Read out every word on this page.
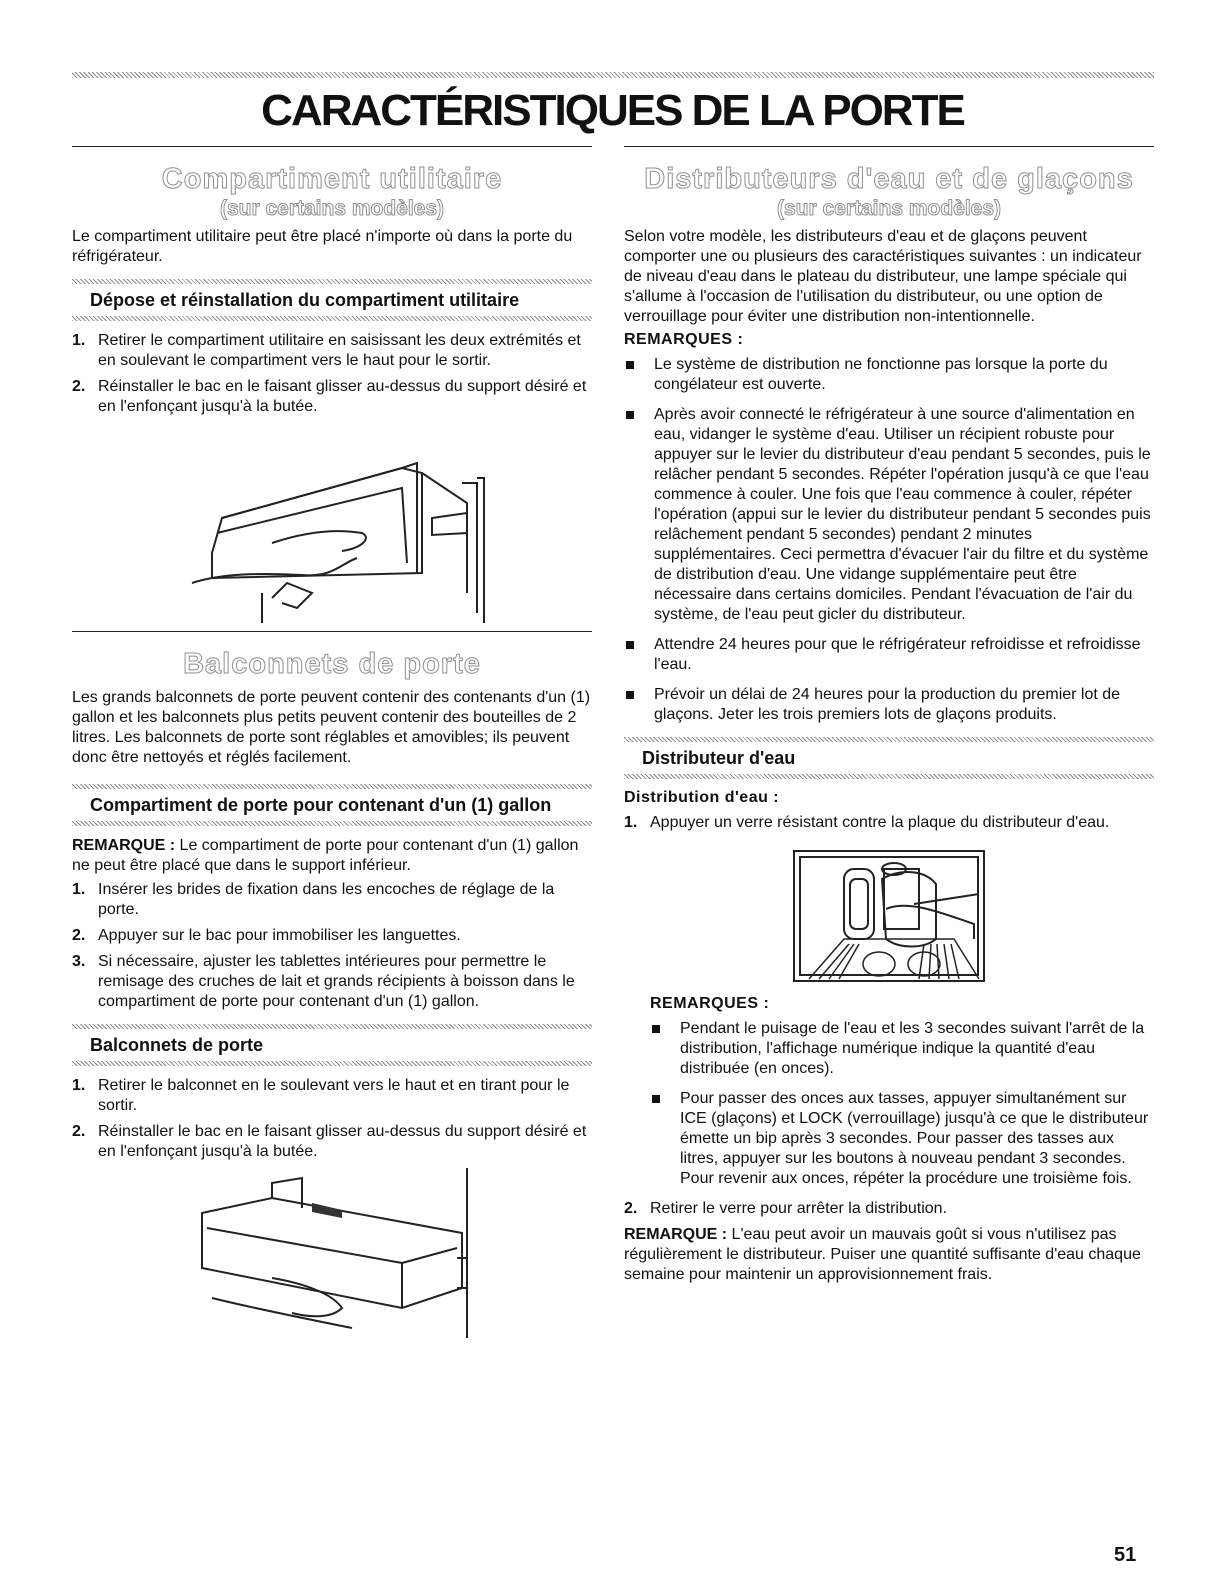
CARACTÉRISTIQUES DE LA PORTE
Compartiment utilitaire
(sur certains modèles)

Le compartiment utilitaire peut être placé n'importe où dans la porte du réfrigérateur.

Dépose et réinstallation du compartiment utilitaire
1. Retirer le compartiment utilitaire en saisissant les deux extrémités et en soulevant le compartiment vers le haut pour le sortir.
2. Réinstaller le bac en le faisant glisser au-dessus du support désiré et en l'enfonçant jusqu'à la butée.
Balconnets de porte

Les grands balconnets de porte peuvent contenir des contenants d'un (1) gallon et les balconnets plus petits peuvent contenir des bouteilles de 2 litres. Les balconnets de porte sont réglables et amovibles; ils peuvent donc être nettoyés et réglés facilement.

Compartiment de porte pour contenant d'un (1) gallon

REMARQUE : Le compartiment de porte pour contenant d'un (1) gallon ne peut être placé que dans le support inférieur.

1. Insérer les brides de fixation dans les encoches de réglage de la porte.
2. Appuyer sur le bac pour immobiliser les languettes.
3. Si nécessaire, ajuster les tablettes intérieures pour permettre le remisage des cruches de lait et grands récipients à boisson dans le compartiment de porte pour contenant d'un (1) gallon.
Balconnets de porte
1. Retirer le balconnet en le soulevant vers le haut et en tirant pour le sortir.
2. Réinstaller le bac en le faisant glisser au-dessus du support désiré et en l'enfonçant jusqu'à la butée.
Distributeurs d'eau et de glaçons
(sur certains modèles)

Selon votre modèle, les distributeurs d'eau et de glaçons peuvent comporter une ou plusieurs des caractéristiques suivantes : un indicateur de niveau d'eau dans le plateau du distributeur, une lampe spéciale qui s'allume à l'occasion de l'utilisation du distributeur, ou une option de verrouillage pour éviter une distribution non-intentionnelle.

REMARQUES :
Le système de distribution ne fonctionne pas lorsque la porte du congélateur est ouverte.
Après avoir connecté le réfrigérateur à une source d'alimentation en eau, vidanger le système d'eau. Utiliser un récipient robuste pour appuyer sur le levier du distributeur d'eau pendant 5 secondes, puis le relâcher pendant 5 secondes. Répéter l'opération jusqu'à ce que l'eau commence à couler. Une fois que l'eau commence à couler, répéter l'opération (appui sur le levier du distributeur pendant 5 secondes puis relâchement pendant 5 secondes) pendant 2 minutes supplémentaires. Ceci permettra d'évacuer l'air du filtre et du système de distribution d'eau. Une vidange supplémentaire peut être nécessaire dans certains domiciles. Pendant l'évacuation de l'air du système, de l'eau peut gicler du distributeur.
Attendre 24 heures pour que le réfrigérateur refroidisse et refroidisse l'eau.
Prévoir un délai de 24 heures pour la production du premier lot de glaçons. Jeter les trois premiers lots de glaçons produits.
Distributeur d'eau
Distribution d'eau :
1. Appuyer un verre résistant contre la plaque du distributeur d'eau.
REMARQUES :
Pendant le puisage de l'eau et les 3 secondes suivant l'arrêt de la distribution, l'affichage numérique indique la quantité d'eau distribuée (en onces).
Pour passer des onces aux tasses, appuyer simultanément sur ICE (glaçons) et LOCK (verrouillage) jusqu'à ce que le distributeur émette un bip après 3 secondes. Pour passer des tasses aux litres, appuyer sur les boutons à nouveau pendant 3 secondes. Pour revenir aux onces, répéter la procédure une troisième fois.
2. Retirer le verre pour arrêter la distribution.

REMARQUE : L'eau peut avoir un mauvais goût si vous n'utilisez pas régulièrement le distributeur. Puiser une quantité suffisante d'eau chaque semaine pour maintenir un approvisionnement frais.

51
